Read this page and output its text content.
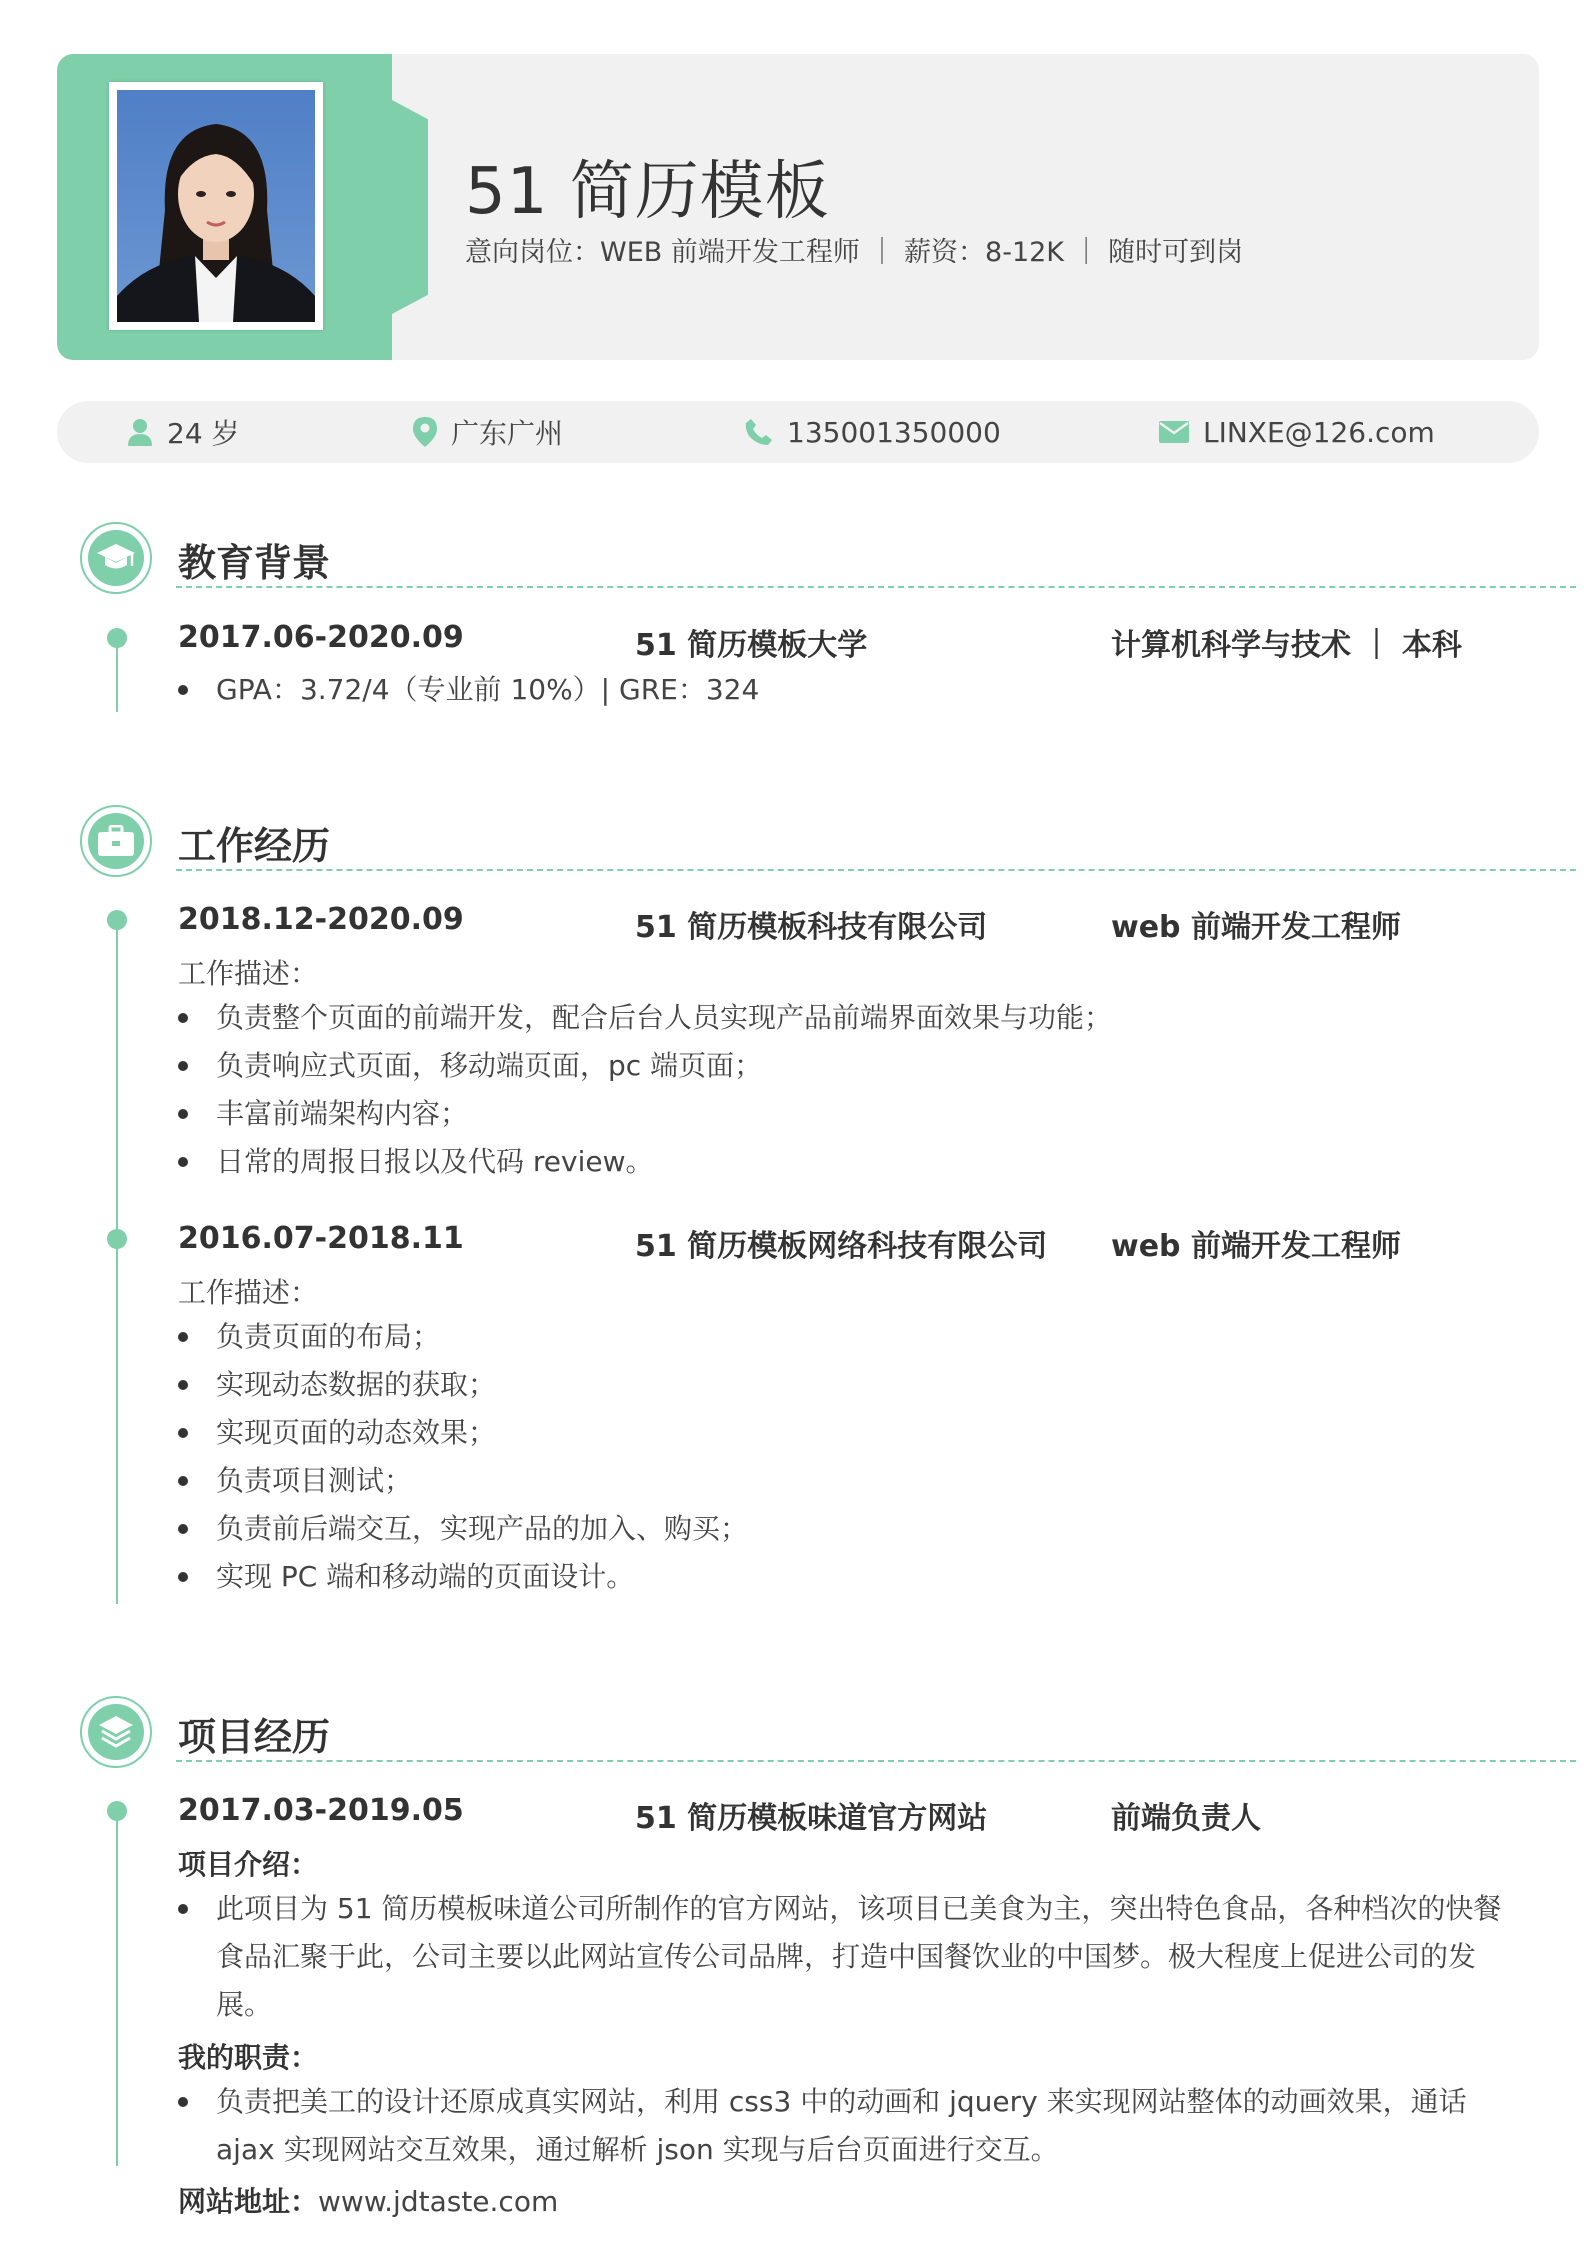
51 简历模板
意向岗位：WEB 前端开发工程师 ｜ 薪资：8-12K ｜ 随时可到岗
24 岁	广东广州	135001350000	LINXE@126.com
教育背景
2017.06-2020.09	51 简历模板大学	计算机科学与技术 ｜ 本科
GPA：3.72/4（专业前 10%）| GRE：324
工作经历
2018.12-2020.09	51 简历模板科技有限公司	web 前端开发工程师
工作描述：
负责整个页面的前端开发，配合后台人员实现产品前端界面效果与功能；
负责响应式页面，移动端页面，pc 端页面；
丰富前端架构内容；
日常的周报日报以及代码 review。
2016.07-2018.11	51 简历模板网络科技有限公司 web 前端开发工程师
工作描述：
负责页面的布局；
实现动态数据的获取；
实现页面的动态效果；
负责项目测试；
负责前后端交互，实现产品的加入、购买；
实现 PC 端和移动端的页面设计。
项目经历
2017.03-2019.05	51 简历模板味道官方网站	前端负责人
项目介绍：
此项目为 51 简历模板味道公司所制作的官方网站，该项目已美食为主，突出特色食品，各种档次的快餐食品汇聚于此，公司主要以此网站宣传公司品牌，打造中国餐饮业的中国梦。极大程度上促进公司的发展。
我的职责：
负责把美工的设计还原成真实网站，利用 css3 中的动画和 jquery 来实现网站整体的动画效果，通话 ajax 实现网站交互效果，通过解析 json 实现与后台页面进行交互。
网站地址：www.jdtaste.com
